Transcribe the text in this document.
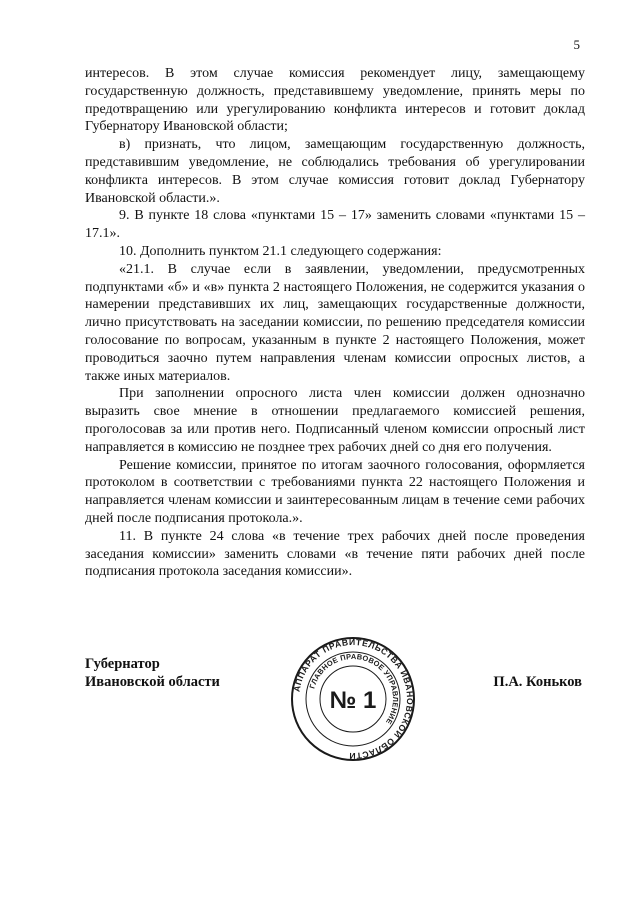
5

интересов. В этом случае комиссия рекомендует лицу, замещающему государственную должность, представившему уведомление, принять меры по предотвращению или урегулированию конфликта интересов и готовит доклад Губернатору Ивановской области;

в) признать, что лицом, замещающим государственную должность, представившим уведомление, не соблюдались требования об урегулировании конфликта интересов. В этом случае комиссия готовит доклад Губернатору Ивановской области.».

9. В пункте 18 слова «пунктами 15 – 17» заменить словами «пунктами 15 – 17.1».

10. Дополнить пунктом 21.1 следующего содержания:

«21.1. В случае если в заявлении, уведомлении, предусмотренных подпунктами «б» и «в» пункта 2 настоящего Положения, не содержится указания о намерении представивших их лиц, замещающих государственные должности, лично присутствовать на заседании комиссии, по решению председателя комиссии голосование по вопросам, указанным в пункте 2 настоящего Положения, может проводиться заочно путем направления членам комиссии опросных листов, а также иных материалов.

При заполнении опросного листа член комиссии должен однозначно выразить свое мнение в отношении предлагаемого комиссией решения, проголосовав за или против него. Подписанный членом комиссии опросный лист направляется в комиссию не позднее трех рабочих дней со дня его получения.

Решение комиссии, принятое по итогам заочного голосования, оформляется протоколом в соответствии с требованиями пункта 22 настоящего Положения и направляется членам комиссии и заинтересованным лицам в течение семи рабочих дней после подписания протокола.».

11. В пункте 24 слова «в течение трех рабочих дней после проведения заседания комиссии» заменить словами «в течение пяти рабочих дней после подписания протокола заседания комиссии».

Губернатор
Ивановской области	АППАРАТ ПРАВИТЕЛЬСТВА ИВАНОВСКОЙ ОБЛАСТИ
ГЛАВНОЕ ПРАВОВОЕ УПРАВЛЕНИЕ
№ 1
П.А. Коньков
